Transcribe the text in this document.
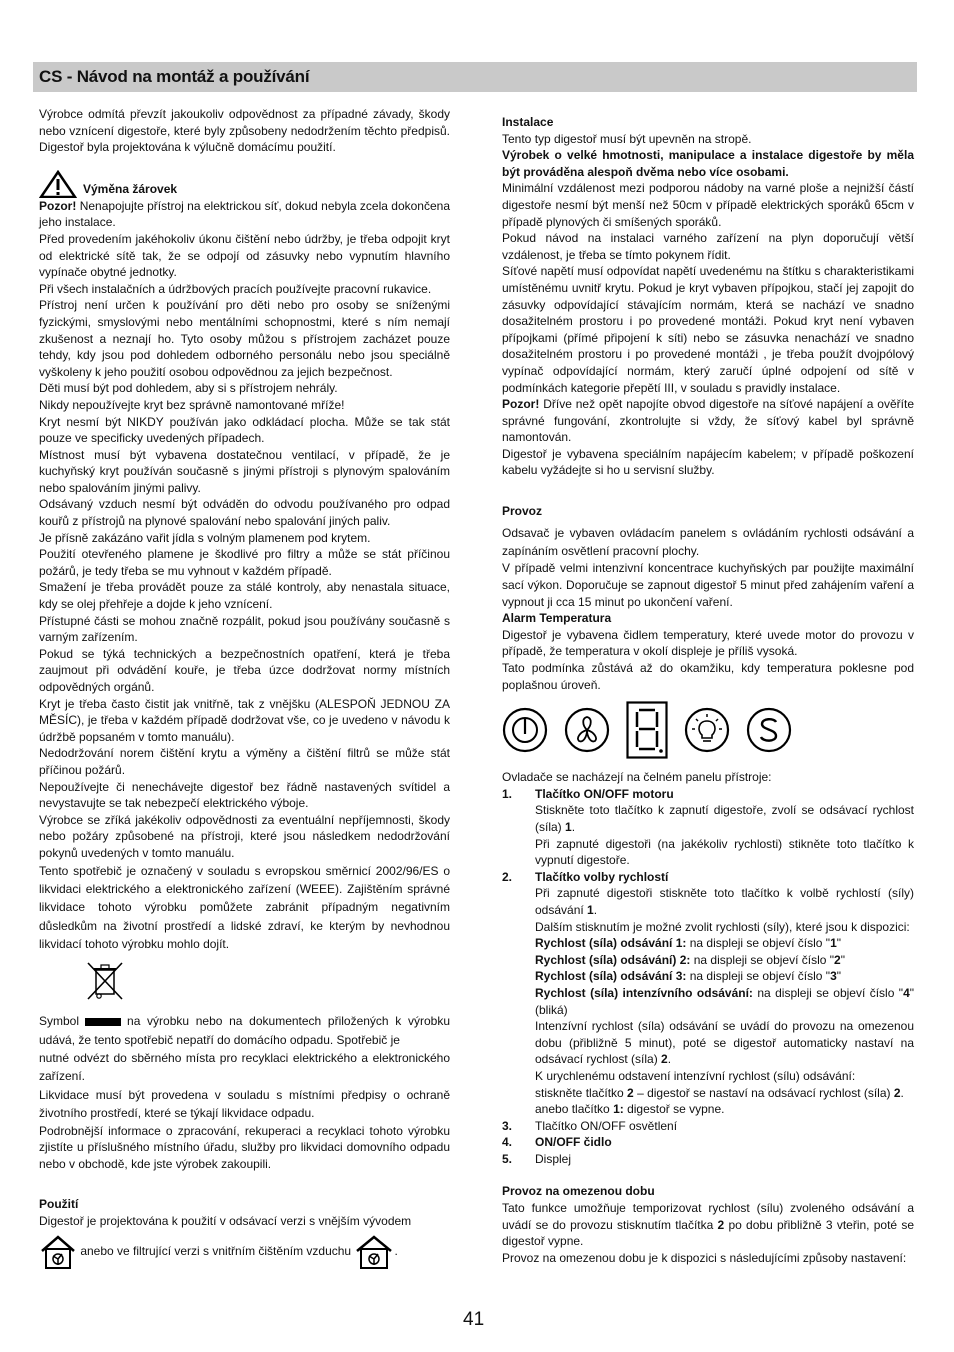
CS - Návod na montáž a používání

Výrobce odmítá převzít jakoukoliv odpovědnost za případné závady, škody nebo vznícení digestoře, které byly způsobeny nedodržením těchto předpisů. Digestoř byla projektována k výlučně domácímu použití.

Výměna žárovek

Pozor! Nenapojujte přístroj na elektrickou síť, dokud nebyla zcela dokončena jeho instalace.

Před provedením jakéhokoliv úkonu čištění nebo údržby, je třeba odpojit kryt od elektrické sítě tak, že se odpojí od zásuvky nebo vypnutím hlavního vypínače obytné jednotky.

Při všech instalačních a údržbových pracích používejte pracovní rukavice.

Přístroj není určen k používání pro děti nebo pro osoby se sníženými fyzickými, smyslovými nebo mentálními schopnostmi, které s ním nemají zkušenost a neznají ho. Tyto osoby můžou s přístrojem zacházet pouze tehdy, kdy jsou pod dohledem odborného personálu nebo jsou speciálně vyškoleny k jeho použití osobou odpovědnou za jejich bezpečnost.

Děti musí být pod dohledem, aby si s přístrojem nehrály.

Nikdy nepoužívejte kryt bez správně namontované mříže!

Kryt nesmí být NIKDY používán jako odkládací plocha. Může se tak stát pouze ve specificky uvedených případech.

Místnost musí být vybavena dostatečnou ventilací, v případě, že je kuchyňský kryt používán současně s jinými přístroji s plynovým spalováním nebo spalováním jinými palivy.

Odsávaný vzduch nesmí být odváděn do odvodu používaného pro odpad kouřů z přístrojů na plynové spalování nebo spalování jiných paliv.

Je přísně zakázáno vařit jídla s volným plamenem pod krytem.

Použití otevřeného plamene je škodlivé pro filtry a může se stát příčinou požárů, je tedy třeba se mu vyhnout v každém případě.

Smažení je třeba provádět pouze za stálé kontroly, aby nenastala situace, kdy se olej přehřeje a dojde k jeho vznícení.

Přístupné části se mohou značně rozpálit, pokud jsou používány současně s varným zařízením.

Pokud se týká technických a bezpečnostních opatření, která je třeba zaujmout při odvádění kouře, je třeba úzce dodržovat normy místních odpovědných orgánů.

Kryt je třeba často čistit jak vnitřně, tak z vnějšku (ALESPOŇ JEDNOU ZA MĚSÍC), je třeba v každém případě dodržovat vše, co je uvedeno v návodu k údržbě popsaném v tomto manuálu).

Nedodržování norem čištění krytu a výměny a čištění filtrů se může stát příčinou požárů.

Nepoužívejte či nenechávejte digestoř bez řádně nastavených svítidel a nevystavujte se tak nebezpečí elektrického výboje.

Výrobce se zříká jakékoliv odpovědnosti za eventuální nepříjemnosti, škody nebo požáry způsobené na přístroji, které jsou následkem nedodržování pokynů uvedených v tomto manuálu.

Tento spotřebič je označený v souladu s evropskou směrnicí 2002/96/ES o likvidaci elektrického a elektronického zařízení (WEEE). Zajištěním správné likvidace tohoto výrobku pomůžete zabránit případným negativním důsledkům na životní prostředí a lidské zdraví, ke kterým by nevhodnou likvidací tohoto výrobku mohlo dojít.

Symbol	na výrobku nebo na dokumentech přiložených k výrobku udává, že tento spotřebič nepatří do domácího odpadu. Spotřebič je

nutné odvézt do sběrného místa pro recyklaci elektrického a elektronického zařízení.

Likvidace musí být provedena v souladu s místními předpisy o ochraně životního prostředí, které se týkají likvidace odpadu.

Podrobnější informace o zpracování, rekuperaci a recyklaci tohoto výrobku zjistíte u příslušného místního úřadu, služby pro likvidaci domovního odpadu nebo v obchodě, kde jste výrobek zakoupili.

Použití

Digestoř je projektována k použití v odsávací verzi s vnějším vývodem

anebo ve filtrující verzi s vnitřním čištěním vzduchu	.

Instalace

Tento typ digestoř musí být upevněn na stropě.

Výrobek o velké hmotnosti, manipulace a instalace digestoře by měla být prováděna alespoň dvěma nebo více osobami.

Minimální vzdálenost mezi podporou nádoby na varné ploše a nejnižší částí digestoře nesmí být menší než 50cm v případě elektrických sporáků 65cm v případě plynových či smíšených sporáků.

Pokud návod na instalaci varného zařízení na plyn doporučují větší vzdálenost, je třeba se tímto pokynem řídit.

Síťové napětí musí odpovídat napětí uvedenému na štítku s charakteristikami umístěnému uvnitř krytu. Pokud je kryt vybaven přípojkou, stačí jej zapojit do zásuvky odpovídající stávajícím normám, která se nachází ve snadno dosažitelném prostoru i po provedené montáži. Pokud kryt není vybaven přípojkami (přímé připojení k síti) nebo se zásuvka nenachází ve snadno dosažitelném prostoru i po provedené montáži , je třeba použít dvojpólový vypínač odpovídající normám, který zaručí úplné odpojení od sítě v podmínkách kategorie přepětí III, v souladu s pravidly instalace.

Pozor! Dříve než opět napojíte obvod digestoře na síťové napájení a ověříte správné fungování, zkontrolujte si vždy, že síťový kabel byl správně namontován.

Digestoř je vybavena speciálním napájecím kabelem; v případě poškození kabelu vyžádejte si ho u servisní služby.

Provoz

Odsavač je vybaven ovládacím panelem s ovládáním rychlosti odsávání a zapínáním osvětlení pracovní plochy.

V případě velmi intenzivní koncentrace kuchyňských par použijte maximální sací výkon. Doporučuje se zapnout digestoř 5 minut před zahájením vaření a vypnout ji cca 15 minut po ukončení vaření.

Alarm Temperatura

Digestoř je vybavena čidlem temperatury, které uvede motor do provozu v případě, že temperatura v okolí displeje je příliš vysoká.

Tato podmínka zůstává až do okamžiku, kdy temperatura poklesne pod poplašnou úroveň.

Ovladače se nacházejí na čelném panelu přístroje:

1.	Tlačítko ON/OFF motoru

Stiskněte toto tlačítko k zapnutí digestoře, zvolí se odsávací rychlost (síla) 1.

Při zapnuté digestoři (na jakékoliv rychlosti) stikněte toto tlačítko k vypnutí digestoře.

2.	Tlačítko volby rychlostí

Při zapnuté digestoři stiskněte toto tlačítko k volbě rychlostí (síly) odsávání 1.

Dalším stisknutím je možné zvolit rychlosti (síly), které jsou k dispozici:

Rychlost (síla) odsávání 1: na displeji se objeví číslo "1"

Rychlost (síla) odsávání) 2: na displeji se objeví číslo "2"

Rychlost (síla) odsávání 3: na displeji se objeví číslo "3"

Rychlost (síla) intenzívního odsávání: na displeji se objeví číslo "4" (bliká)

Intenzívní rychlost (síla) odsávání se uvádí do provozu na omezenou dobu (přibližně 5 minut), poté se digestoř automaticky nastaví na odsávací rychlost (síla) 2.

K urychlenému odstavení intenzívní rychlost (sílu) odsávání:

stiskněte tlačítko 2 – digestoř se nastaví na odsávací rychlost (síla) 2.

anebo tlačítko 1: digestoř se vypne.

3.	Tlačítko ON/OFF osvětlení
4.	ON/OFF čidlo
5.	Displej

Provoz na omezenou dobu

Tato funkce umožňuje temporizovat rychlost (sílu) zvoleného odsávání a uvádí se do provozu stisknutím tlačítka 2 po dobu přibližně 3 vteřin, poté se digestoř vypne.

Provoz na omezenou dobu je k dispozici s následujícími způsoby nastavení:

41
